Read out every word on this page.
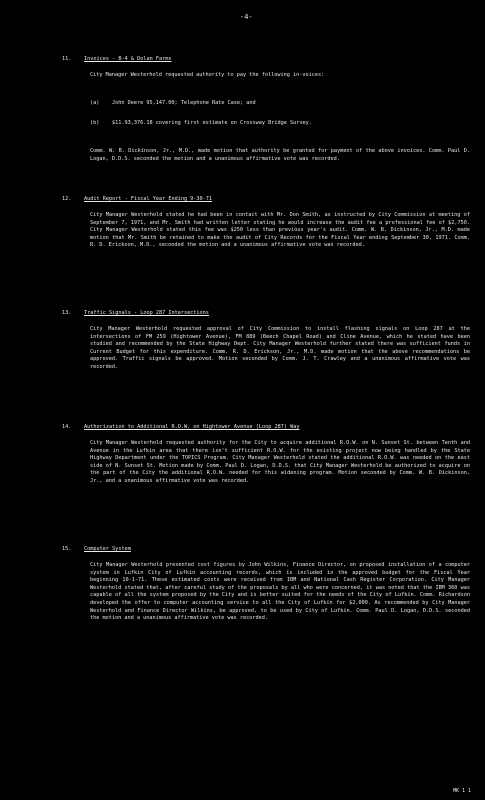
-4-
11. Invoices - B-4 & Dolan Farms
City Manager Westerhold requested authority to pay the following in-voices:
(a) John Deere 95,147.00; Telephone Rate Case; and
(b) $11.93,376.18 covering first estimate on Crossway Bridge Survey.
Comm. W. B. Dickinson, Jr., M.D., made motion that authority be granted for payment of the above invoices. Comm. Paul D. Logan, D.D.S. seconded the motion and a unanimous affirmative vote was recorded.
12. Audit Report - Fiscal Year Ending 9-30-71
City Manager Westerhold stated he had been in contact with Mr. Don Smith, as instructed by City Commission at meeting of September 7, 1971, and Mr. Smith had written letter stating he would increase the audit fee a professional fee of $2,750. City Manager Westerhold stated this fee was $250 less than previous year's audit. Comm. W. B. Dickinson, Jr., M.D. made motion that Mr. Smith be retained to make the audit of City Records for the Fiscal Year ending September 30, 1971. Comm. R. D. Erickson, M.D., seconded the motion and a unanimous affirmative vote was recorded.
13. Traffic Signals - Loop 287 Intersections
City Manager Westerhold requested approval of City Commission to install flashing signals on Loop 287 at the intersections of FM 259 (Hightower Avenue), FM 889 (Beech Chapel Road) and Cline Avenue, which he stated have been studied and recommended by the State Highway Dept. City Manager Westerhold further stated there was sufficient funds in Current Budget for this expenditure. Comm. R. D. Erickson, Jr., M.D. made motion that the above recommendations be approved. Traffic signals be approved. Motion seconded by Comm. J. T. Crawley and a unanimous affirmative vote was recorded.
14. Authorization to Additional R.O.W. on Hightower Avenue (Loop 287) Way
City Manager Westerhold requested authority for the City to acquire additional R.O.W. on N. Sunset St. between Tenth and Avenue in the Lufkin area that there isn't sufficient R.O.W. for the existing project now being handled by the State Highway Department under the TOPICS Program. City Manager Westerhold stated the additional R.O.W. was needed on the east side of N. Sunset St. Motion made by Comm. Paul D. Logan, D.D.S. that City Manager Westerhold be authorized to acquire on the part of the City the additional R.O.W. needed for this widening program. Motion seconded by Comm. W. B. Dickinson, Jr., and a unanimous affirmative vote was recorded.
15. Computer System
City Manager Westerhold presented cost figures by John Wilkins, Finance Director, on proposed installation of a computer system in Lufkin City of Lufkin accounting records, which is included in the approved budget for the Fiscal Year beginning 10-1-71. These estimated costs were received from IBM and National Cash Register Corporation. City Manager Westerhold stated that, after careful study of the proposals by all who were concerned, it was noted that the IBM 360 was capable of all the system proposed by the City and is better suited for the needs of the City of Lufkin. Comm. Richardson developed the offer to computer accounting service to all the City of Lufkin for $2,000. As recommended by City Manager Westerhold and Finance Director Wilkins, be approved, to be used by City of Lufkin. Comm. Paul D. Logan, D.D.S. seconded the motion and a unanimous affirmative vote was recorded.
MK 1 1
